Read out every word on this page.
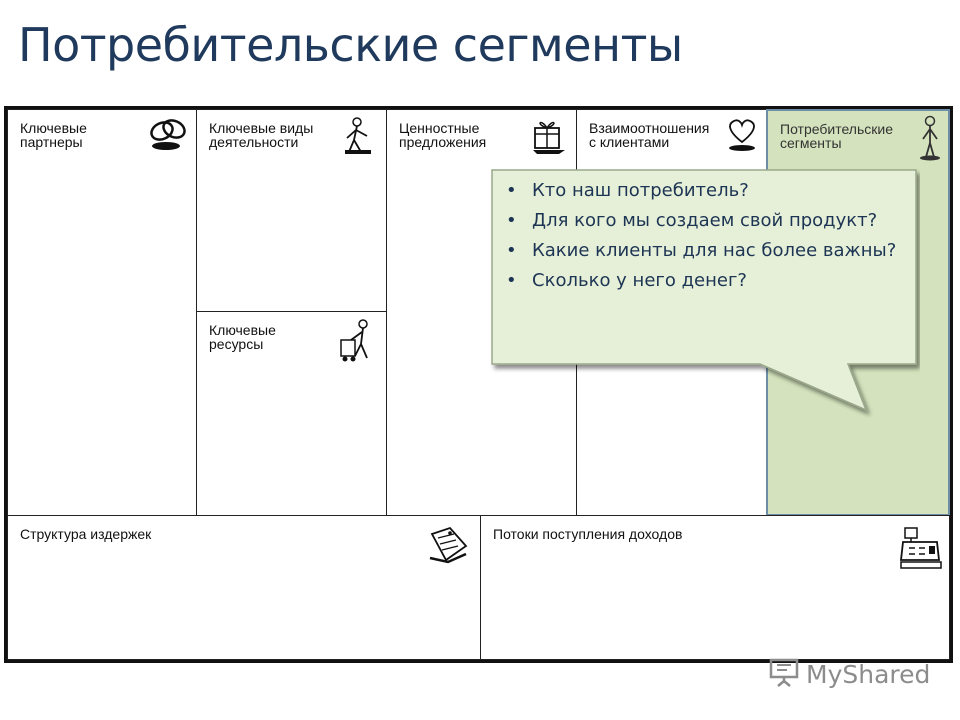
Потребительские сегменты
Ключевые
партнеры
Ключевые виды
деятельности
Ключевые
ресурсы
Ценностные
предложения
Взаимоотношения
с клиентами
Потребительские
сегменты
Структура издержек	Потоки поступления доходов
• Кто наш потребитель?
• Для кого мы создаем свой продукт?
• Какие клиенты для нас более важны?
• Сколько у него денег?
MyShared
